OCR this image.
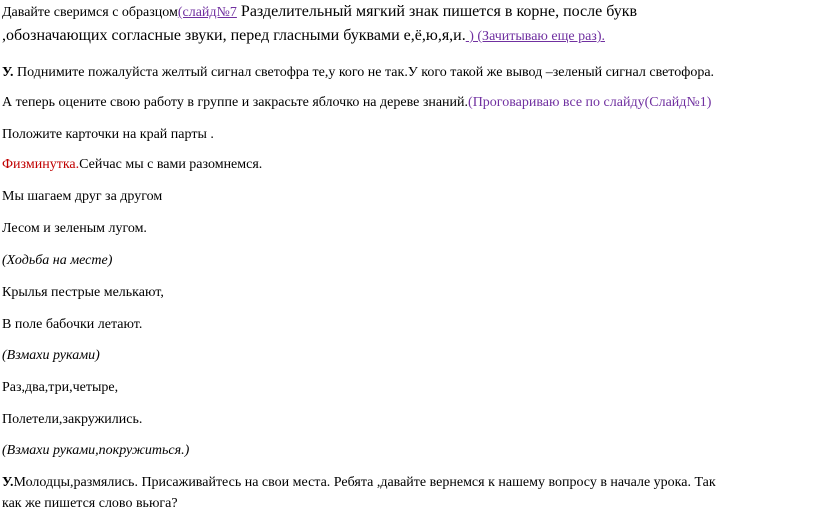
Давайте сверимся с образцом(слайд№7 Разделительный мягкий знак пишется в корне, после букв

,обозначающих согласные звуки, перед гласными буквами е,ё,ю,я,и. ) (Зачитываю еще раз).

У. Поднимите пожалуйста желтый сигнал светофра те,у кого не так.У кого такой же вывод –зеленый сигнал светофора.

А теперь оцените свою работу в группе и закрасьте яблочко на дереве знаний.(Проговариваю все по слайду(Слайд№1)

Положите карточки на край парты .

Физминутка.Сейчас мы с вами разомнемся.

Мы шагаем друг за другом

Лесом и зеленым лугом.

(Ходьба на месте)

Крылья пестрые мелькают,

В поле бабочки летают.

(Взмахи руками)

Раз,два,три,четыре,

Полетели,закружились.

(Взмахи руками,покружиться.)

У.Молодцы,размялись. Присаживайтесь на свои места. Ребята ,давайте вернемся к нашему вопросу в начале урока. Так

как же пишется слово вьюга?
